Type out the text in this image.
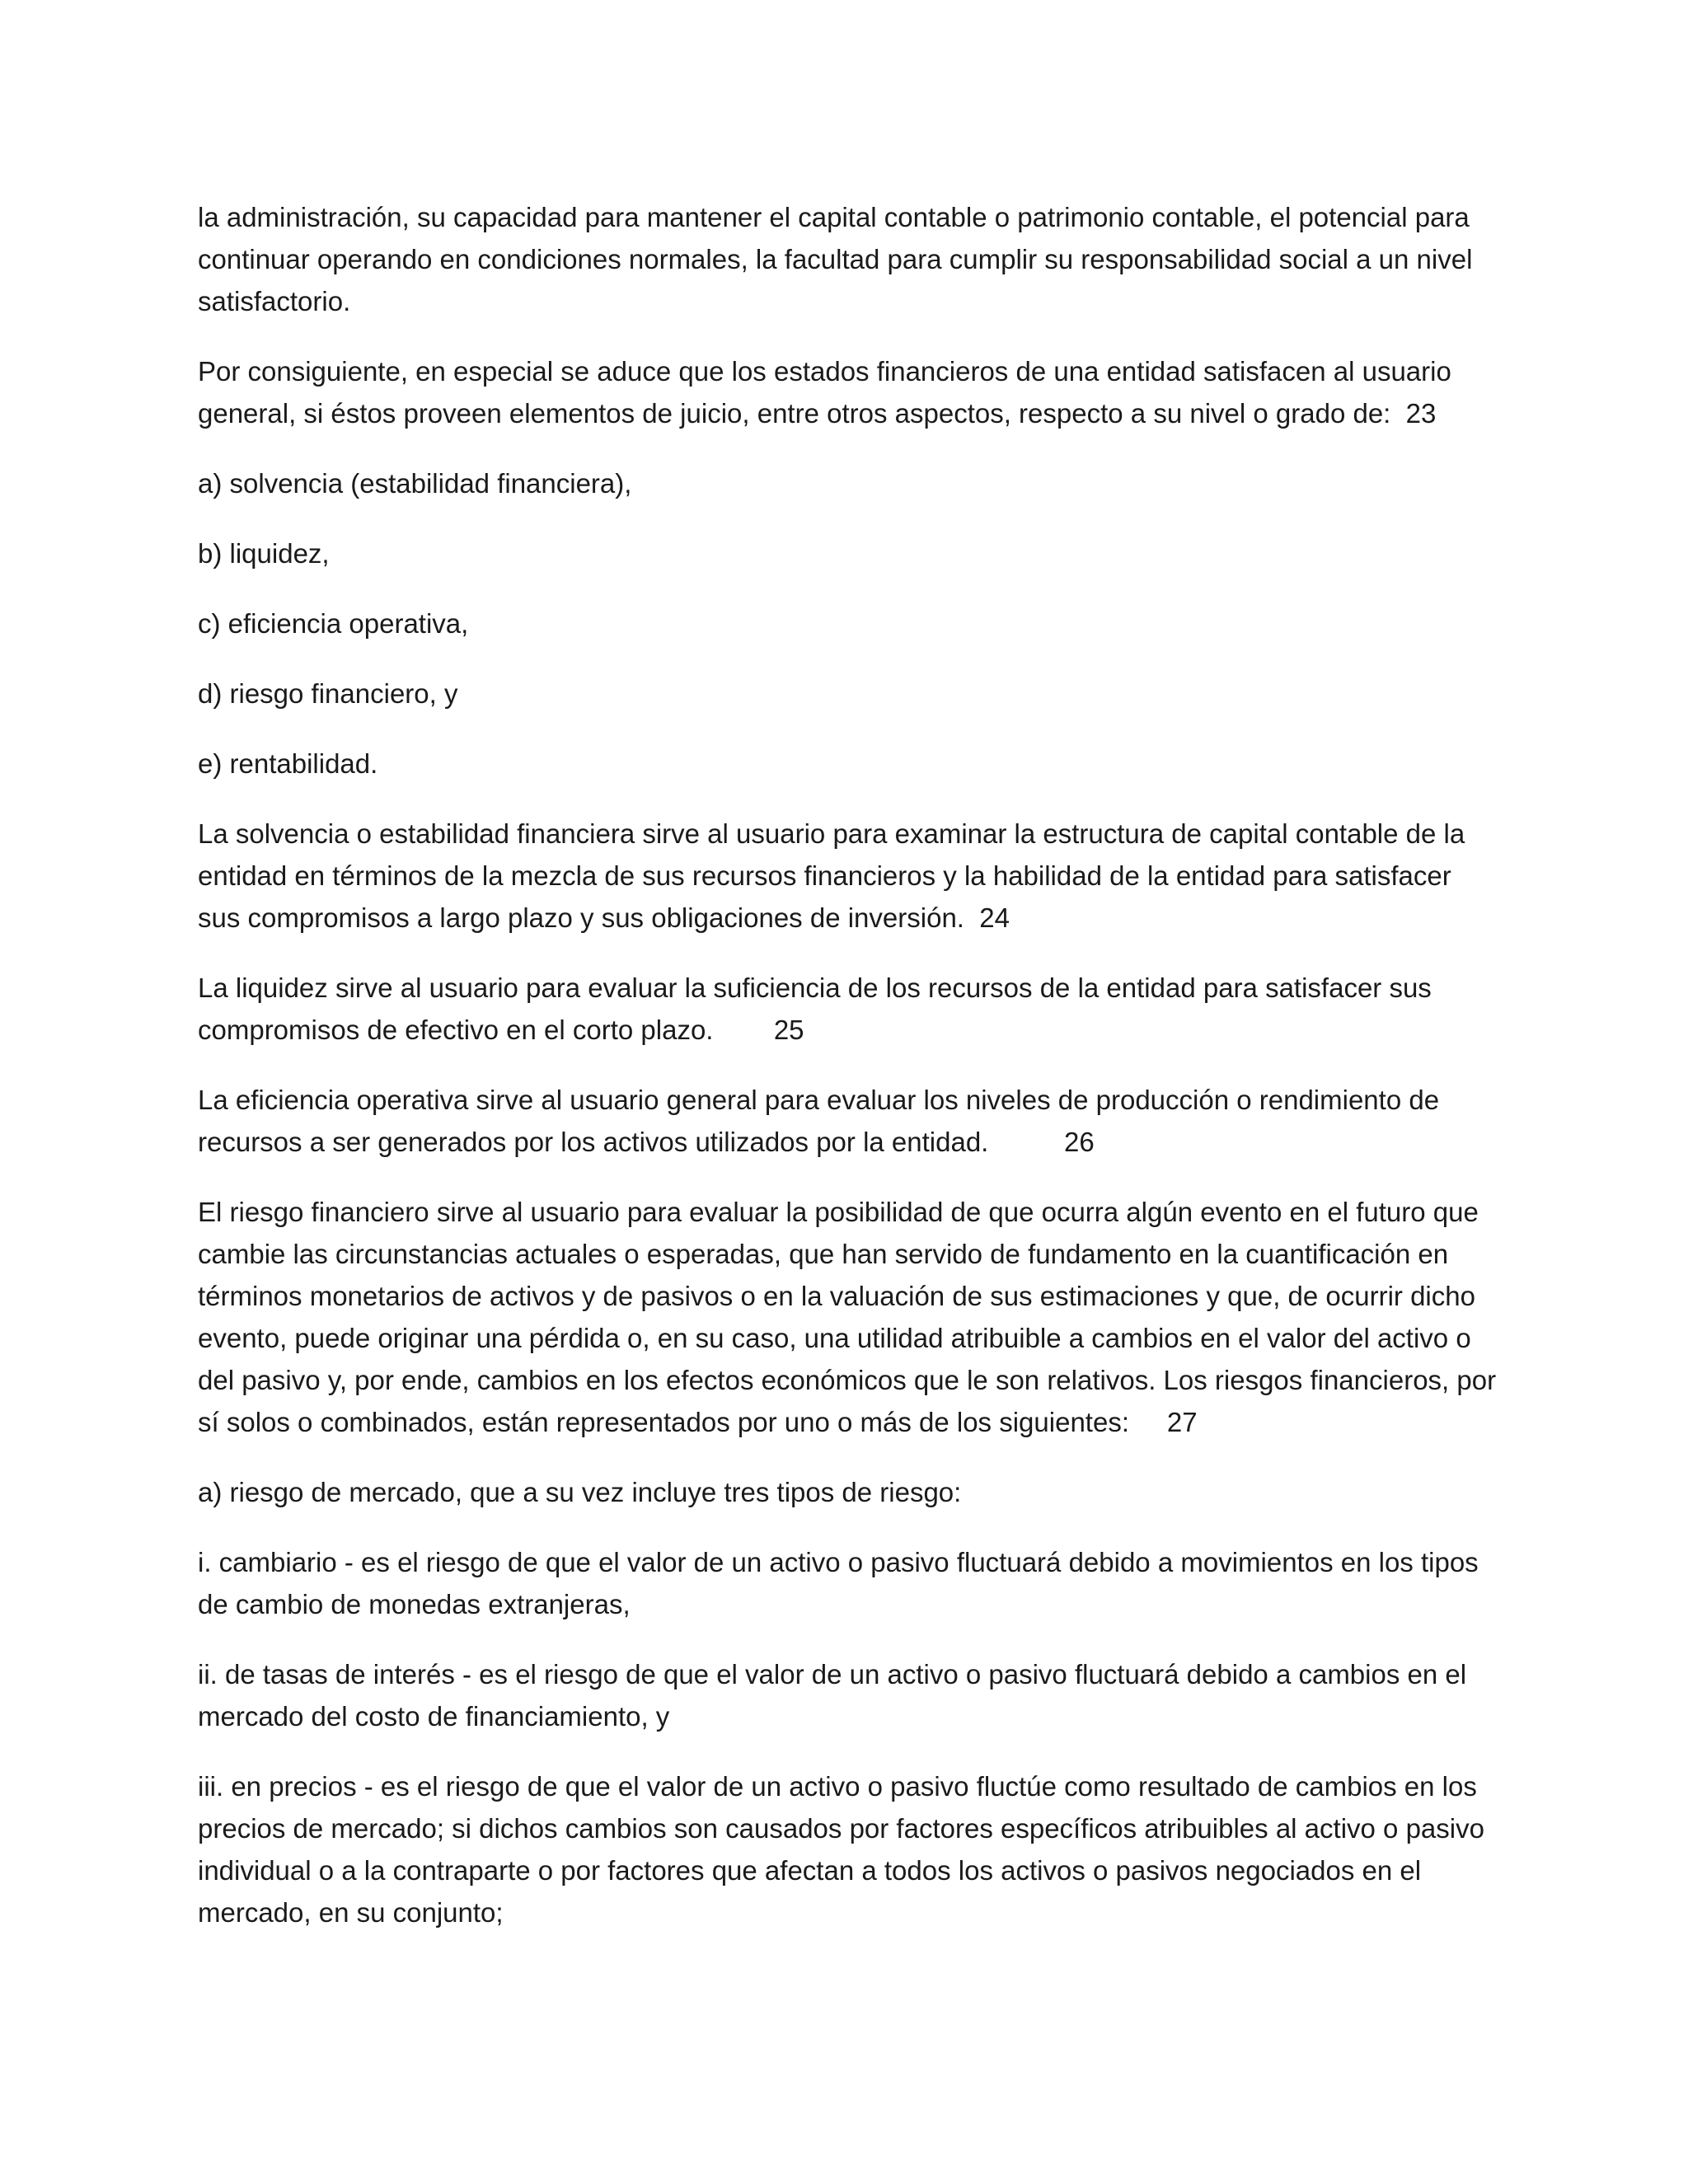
la administración, su capacidad para mantener el capital contable o patrimonio contable, el potencial para continuar operando en condiciones normales, la facultad para cumplir su responsabilidad social a un nivel satisfactorio.

Por consiguiente, en especial se aduce que los estados financieros de una entidad satisfacen al usuario general, si éstos proveen elementos de juicio, entre otros aspectos, respecto a su nivel o grado de:  23

a) solvencia (estabilidad financiera),

b) liquidez,

c) eficiencia operativa,

d) riesgo financiero, y

e) rentabilidad.

La solvencia o estabilidad financiera sirve al usuario para examinar la estructura de capital contable de la entidad en términos de la mezcla de sus recursos financieros y la habilidad de la entidad para satisfacer sus compromisos a largo plazo y sus obligaciones de inversión.  24

La liquidez sirve al usuario para evaluar la suficiencia de los recursos de la entidad para satisfacer sus compromisos de efectivo en el corto plazo.        25

La eficiencia operativa sirve al usuario general para evaluar los niveles de producción o rendimiento de recursos a ser generados por los activos utilizados por la entidad.          26

El riesgo financiero sirve al usuario para evaluar la posibilidad de que ocurra algún evento en el futuro que cambie las circunstancias actuales o esperadas, que han servido de fundamento en la cuantificación en términos monetarios de activos y de pasivos o en la valuación de sus estimaciones y que, de ocurrir dicho evento, puede originar una pérdida o, en su caso, una utilidad atribuible a cambios en el valor del activo o del pasivo y, por ende, cambios en los efectos económicos que le son relativos. Los riesgos financieros, por sí solos o combinados, están representados por uno o más de los siguientes:     27

a) riesgo de mercado, que a su vez incluye tres tipos de riesgo:

i. cambiario - es el riesgo de que el valor de un activo o pasivo fluctuará debido a movimientos en los tipos de cambio de monedas extranjeras,

ii. de tasas de interés - es el riesgo de que el valor de un activo o pasivo fluctuará debido a cambios en el mercado del costo de financiamiento, y

iii. en precios - es el riesgo de que el valor de un activo o pasivo fluctúe como resultado de cambios en los precios de mercado; si dichos cambios son causados por factores específicos atribuibles al activo o pasivo individual o a la contraparte o por factores que afectan a todos los activos o pasivos negociados en el mercado, en su conjunto;
